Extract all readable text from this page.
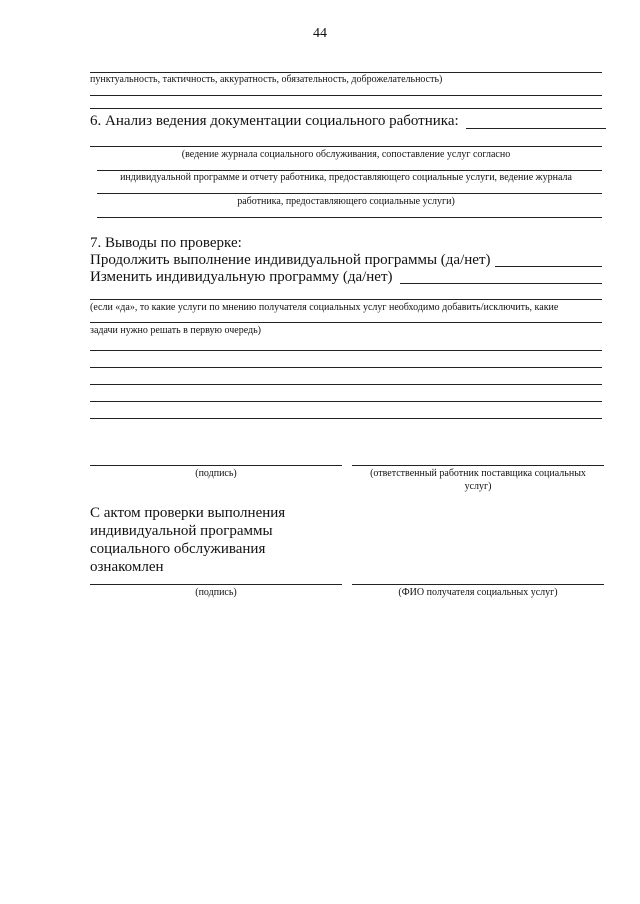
44
пунктуальность, тактичность, аккуратность, обязательность, доброжелательность)
6. Анализ ведения документации социального работника:
(ведение журнала социального обслуживания, сопоставление услуг согласно
индивидуальной программе и отчету работника, предоставляющего социальные услуги, ведение журнала
работника, предоставляющего социальные услуги)
7. Выводы по проверке:
Продолжить выполнение индивидуальной программы (да/нет)
Изменить индивидуальную программу (да/нет)
(если «да», то какие услуги по мнению получателя социальных услуг необходимо добавить/исключить, какие
задачи нужно решать в первую очередь)
(подпись)	(ответственный работник поставщика социальных
услуг)
С актом проверки выполнения
индивидуальной программы
социального обслуживания
ознакомлен
(подпись)	(ФИО получателя социальных услуг)
